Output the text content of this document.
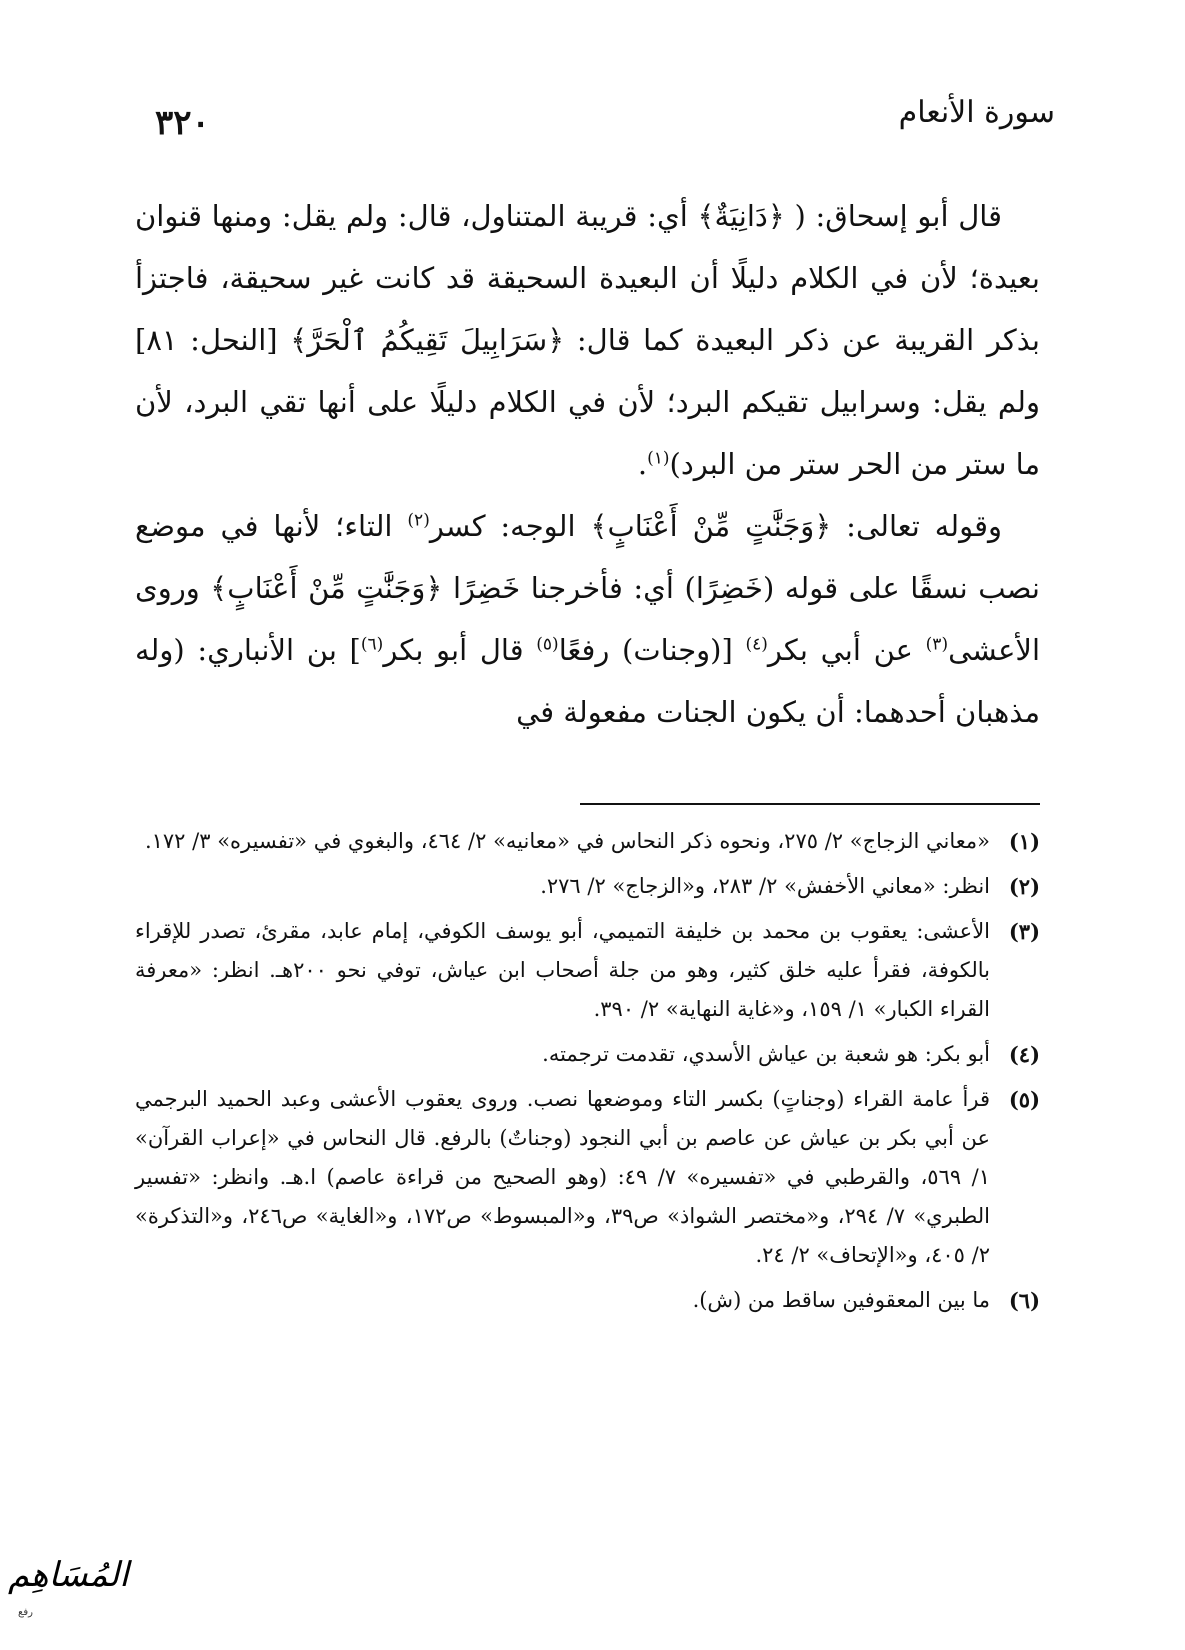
٣٢٠	سورة الأنعام

قال أبو إسحاق: ( ﴿دَانِيَةٌ﴾ أي: قريبة المتناول، قال: ولم يقل: ومنها قنوان بعيدة؛ لأن في الكلام دليلًا أن البعيدة السحيقة قد كانت غير سحيقة، فاجتزأ بذكر القريبة عن ذكر البعيدة كما قال: ﴿سَرَابِيلَ تَقِيكُمُ ٱلْحَرَّ﴾ [النحل: ٨١] ولم يقل: وسرابيل تقيكم البرد؛ لأن في الكلام دليلًا على أنها تقي البرد، لأن ما ستر من الحر ستر من البرد)$^{(١)}$.

وقوله تعالى: ﴿وَجَنَّٰتٍ مِّنْ أَعْنَابٍ﴾ الوجه: كسر$^{(٢)}$ التاء؛ لأنها في موضع نصب نسقًا على قوله (خَضِرًا) أي: فأخرجنا خَضِرًا ﴿وَجَنَّٰتٍ مِّنْ أَعْنَابٍ﴾ وروى الأعشى$^{(٣)}$ عن أبي بكر$^{(٤)}$ [(وجنات) رفعًا$^{(٥)}$ قال أبو بكر$^{(٦)}$] بن الأنباري: (وله مذهبان أحدهما: أن يكون الجنات مفعولة في

(١)
«معاني الزجاج» ٢/ ٢٧٥، ونحوه ذكر النحاس في «معانيه» ٢/ ٤٦٤، والبغوي في «تفسيره» ٣/ ١٧٢.
(٢)
انظر: «معاني الأخفش» ٢/ ٢٨٣، و«الزجاج» ٢/ ٢٧٦.
(٣)
الأعشى: يعقوب بن محمد بن خليفة التميمي، أبو يوسف الكوفي، إمام عابد، مقرئ، تصدر للإقراء بالكوفة، فقرأ عليه خلق كثير، وهو من جلة أصحاب ابن عياش، توفي نحو ٢٠٠هـ. انظر: «معرفة القراء الكبار» ١/ ١٥٩، و«غاية النهاية» ٢/ ٣٩٠.
(٤)
أبو بكر: هو شعبة بن عياش الأسدي، تقدمت ترجمته.
(٥)
قرأ عامة القراء (وجناتٍ) بكسر التاء وموضعها نصب. وروى يعقوب الأعشى وعبد الحميد البرجمي عن أبي بكر بن عياش عن عاصم بن أبي النجود (وجناتٌ) بالرفع. قال النحاس في «إعراب القرآن» ١/ ٥٦٩، والقرطبي في «تفسيره» ٧/ ٤٩: (وهو الصحيح من قراءة عاصم) ا.هـ. وانظر: «تفسير الطبري» ٧/ ٢٩٤، و«مختصر الشواذ» ص٣٩، و«المبسوط» ص١٧٢، و«الغاية» ص٢٤٦، و«التذكرة» ٢/ ٤٠٥، و«الإتحاف» ٢/ ٢٤.
(٦)
ما بين المعقوفين ساقط من (ش).
المُسَاهِم
رفع
